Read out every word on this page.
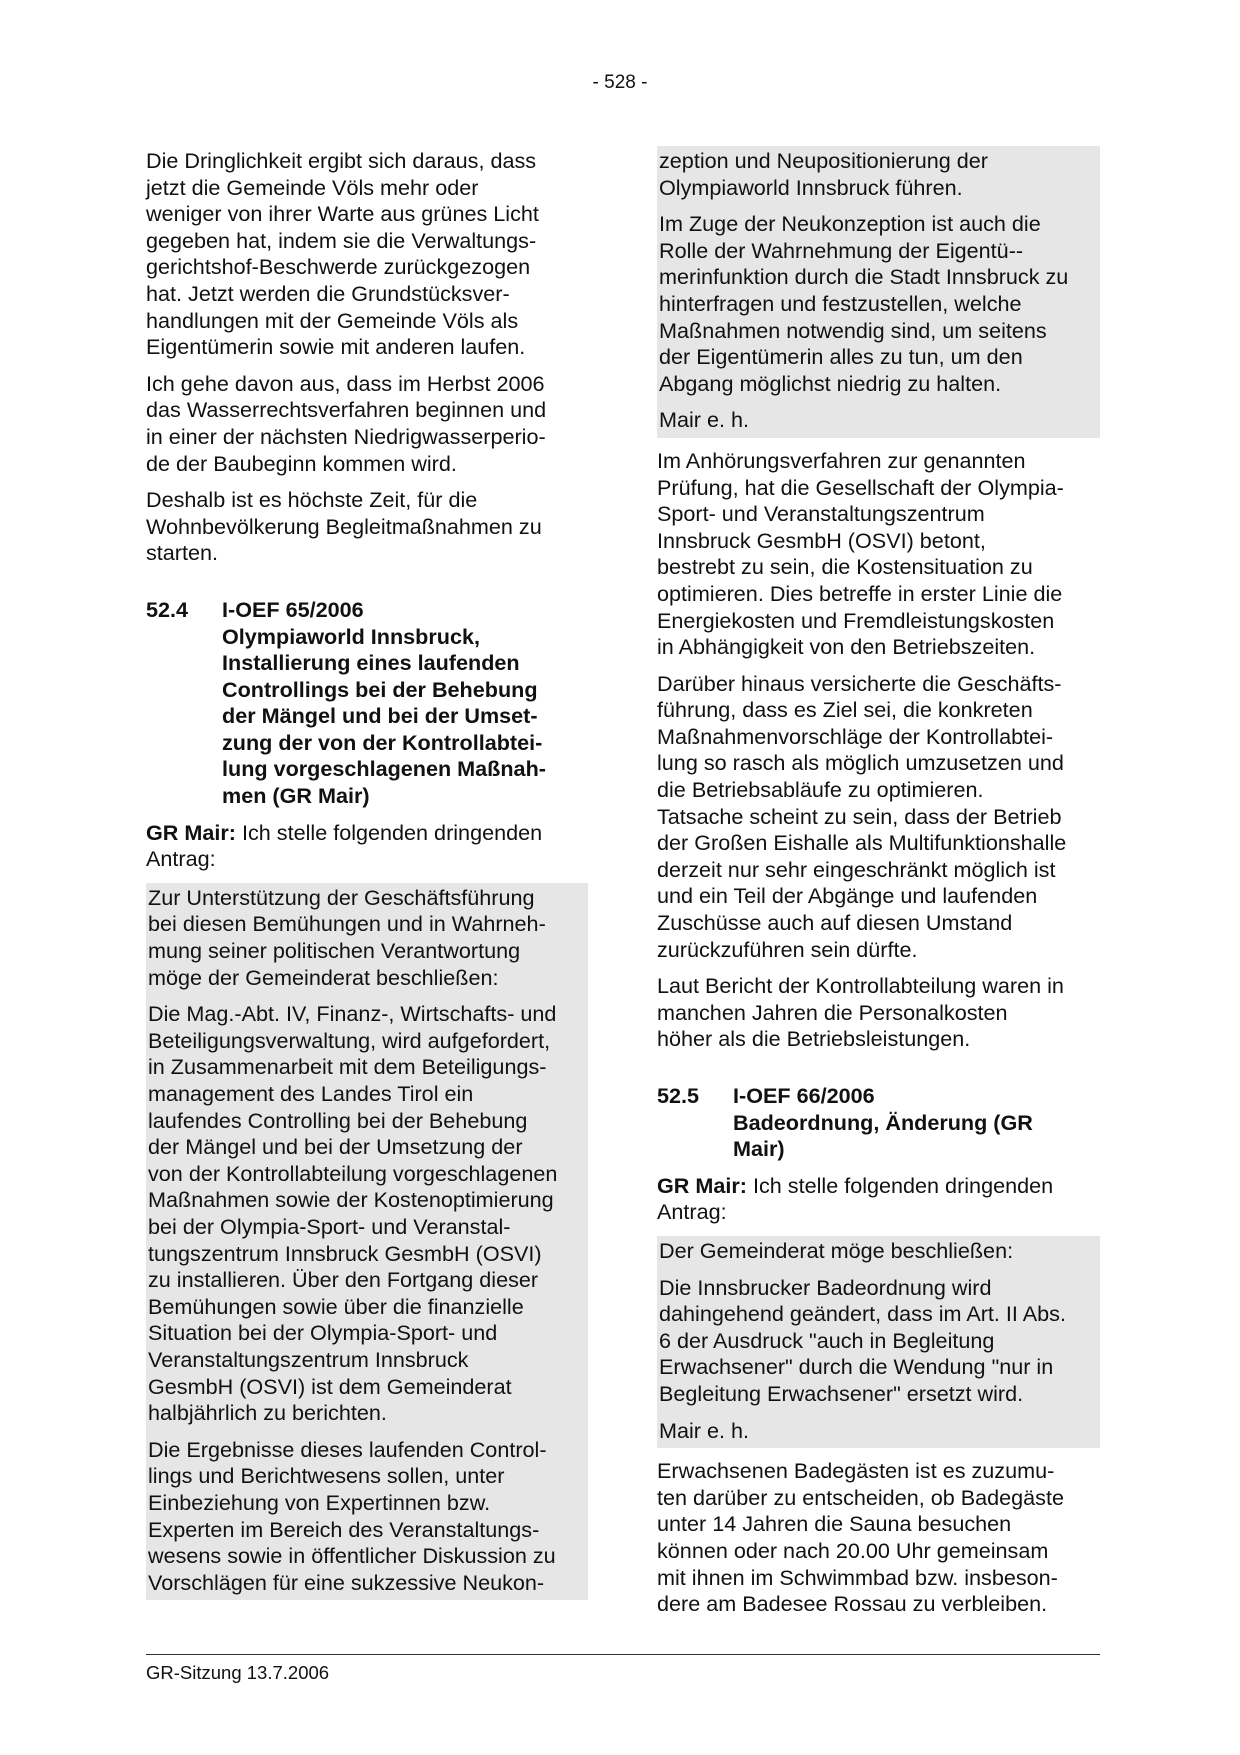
- 528 -

Die Dringlichkeit ergibt sich daraus, dass
jetzt die Gemeinde Völs mehr oder
weniger von ihrer Warte aus grünes Licht
gegeben hat, indem sie die Verwaltungs-
gerichtshof-Beschwerde zurückgezogen
hat. Jetzt werden die Grundstücksver-
handlungen mit der Gemeinde Völs als
Eigentümerin sowie mit anderen laufen.

Ich gehe davon aus, dass im Herbst 2006
das Wasserrechtsverfahren beginnen und
in einer der nächsten Niedrigwasserperio-
de der Baubeginn kommen wird.

Deshalb ist es höchste Zeit, für die
Wohnbevölkerung Begleitmaßnahmen zu
starten.

52.4	I-OEF 65/2006
Olympiaworld Innsbruck,
Installierung eines laufenden
Controllings bei der Behebung
der Mängel und bei der Umset-
zung der von der Kontrollabtei-
lung vorgeschlagenen Maßnah-
men (GR Mair)

GR Mair: Ich stelle folgenden dringenden
Antrag:

Zur Unterstützung der Geschäftsführung
bei diesen Bemühungen und in Wahrneh-
mung seiner politischen Verantwortung
möge der Gemeinderat beschließen:

Die Mag.-Abt. IV, Finanz-, Wirtschafts- und
Beteiligungsverwaltung, wird aufgefordert,
in Zusammenarbeit mit dem Beteiligungs-
management des Landes Tirol ein
laufendes Controlling bei der Behebung
der Mängel und bei der Umsetzung der
von der Kontrollabteilung vorgeschlagenen
Maßnahmen sowie der Kostenoptimierung
bei der Olympia-Sport- und Veranstal-
tungszentrum Innsbruck GesmbH (OSVI)
zu installieren. Über den Fortgang dieser
Bemühungen sowie über die finanzielle
Situation bei der Olympia-Sport- und
Veranstaltungszentrum Innsbruck
GesmbH (OSVI) ist dem Gemeinderat
halbjährlich zu berichten.

Die Ergebnisse dieses laufenden Control-
lings und Berichtwesens sollen, unter
Einbeziehung von Expertinnen bzw.
Experten im Bereich des Veranstaltungs-
wesens sowie in öffentlicher Diskussion zu
Vorschlägen für eine sukzessive Neukon-

zeption und Neupositionierung der
Olympiaworld Innsbruck führen.

Im Zuge der Neukonzeption ist auch die
Rolle der Wahrnehmung der Eigentü--
merinfunktion durch die Stadt Innsbruck zu
hinterfragen und festzustellen, welche
Maßnahmen notwendig sind, um seitens
der Eigentümerin alles zu tun, um den
Abgang möglichst niedrig zu halten.

Mair e. h.

Im Anhörungsverfahren zur genannten
Prüfung, hat die Gesellschaft der Olympia-
Sport- und Veranstaltungszentrum
Innsbruck GesmbH (OSVI) betont,
bestrebt zu sein, die Kostensituation zu
optimieren. Dies betreffe in erster Linie die
Energiekosten und Fremdleistungskosten
in Abhängigkeit von den Betriebszeiten.

Darüber hinaus versicherte die Geschäfts-
führung, dass es Ziel sei, die konkreten
Maßnahmenvorschläge der Kontrollabtei-
lung so rasch als möglich umzusetzen und
die Betriebsabläufe zu optimieren.
Tatsache scheint zu sein, dass der Betrieb
der Großen Eishalle als Multifunktionshalle
derzeit nur sehr eingeschränkt möglich ist
und ein Teil der Abgänge und laufenden
Zuschüsse auch auf diesen Umstand
zurückzuführen sein dürfte.

Laut Bericht der Kontrollabteilung waren in
manchen Jahren die Personalkosten
höher als die Betriebsleistungen.

52.5	I-OEF 66/2006
Badeordnung, Änderung (GR
Mair)

GR Mair: Ich stelle folgenden dringenden
Antrag:

Der Gemeinderat möge beschließen:

Die Innsbrucker Badeordnung wird
dahingehend geändert, dass im Art. II Abs.
6 der Ausdruck "auch in Begleitung
Erwachsener" durch die Wendung "nur in
Begleitung Erwachsener" ersetzt wird.

Mair e. h.

Erwachsenen Badegästen ist es zuzumu-
ten darüber zu entscheiden, ob Badegäste
unter 14 Jahren die Sauna besuchen
können oder nach 20.00 Uhr gemeinsam
mit ihnen im Schwimmbad bzw. insbeson-
dere am Badesee Rossau zu verbleiben.

GR-Sitzung 13.7.2006
